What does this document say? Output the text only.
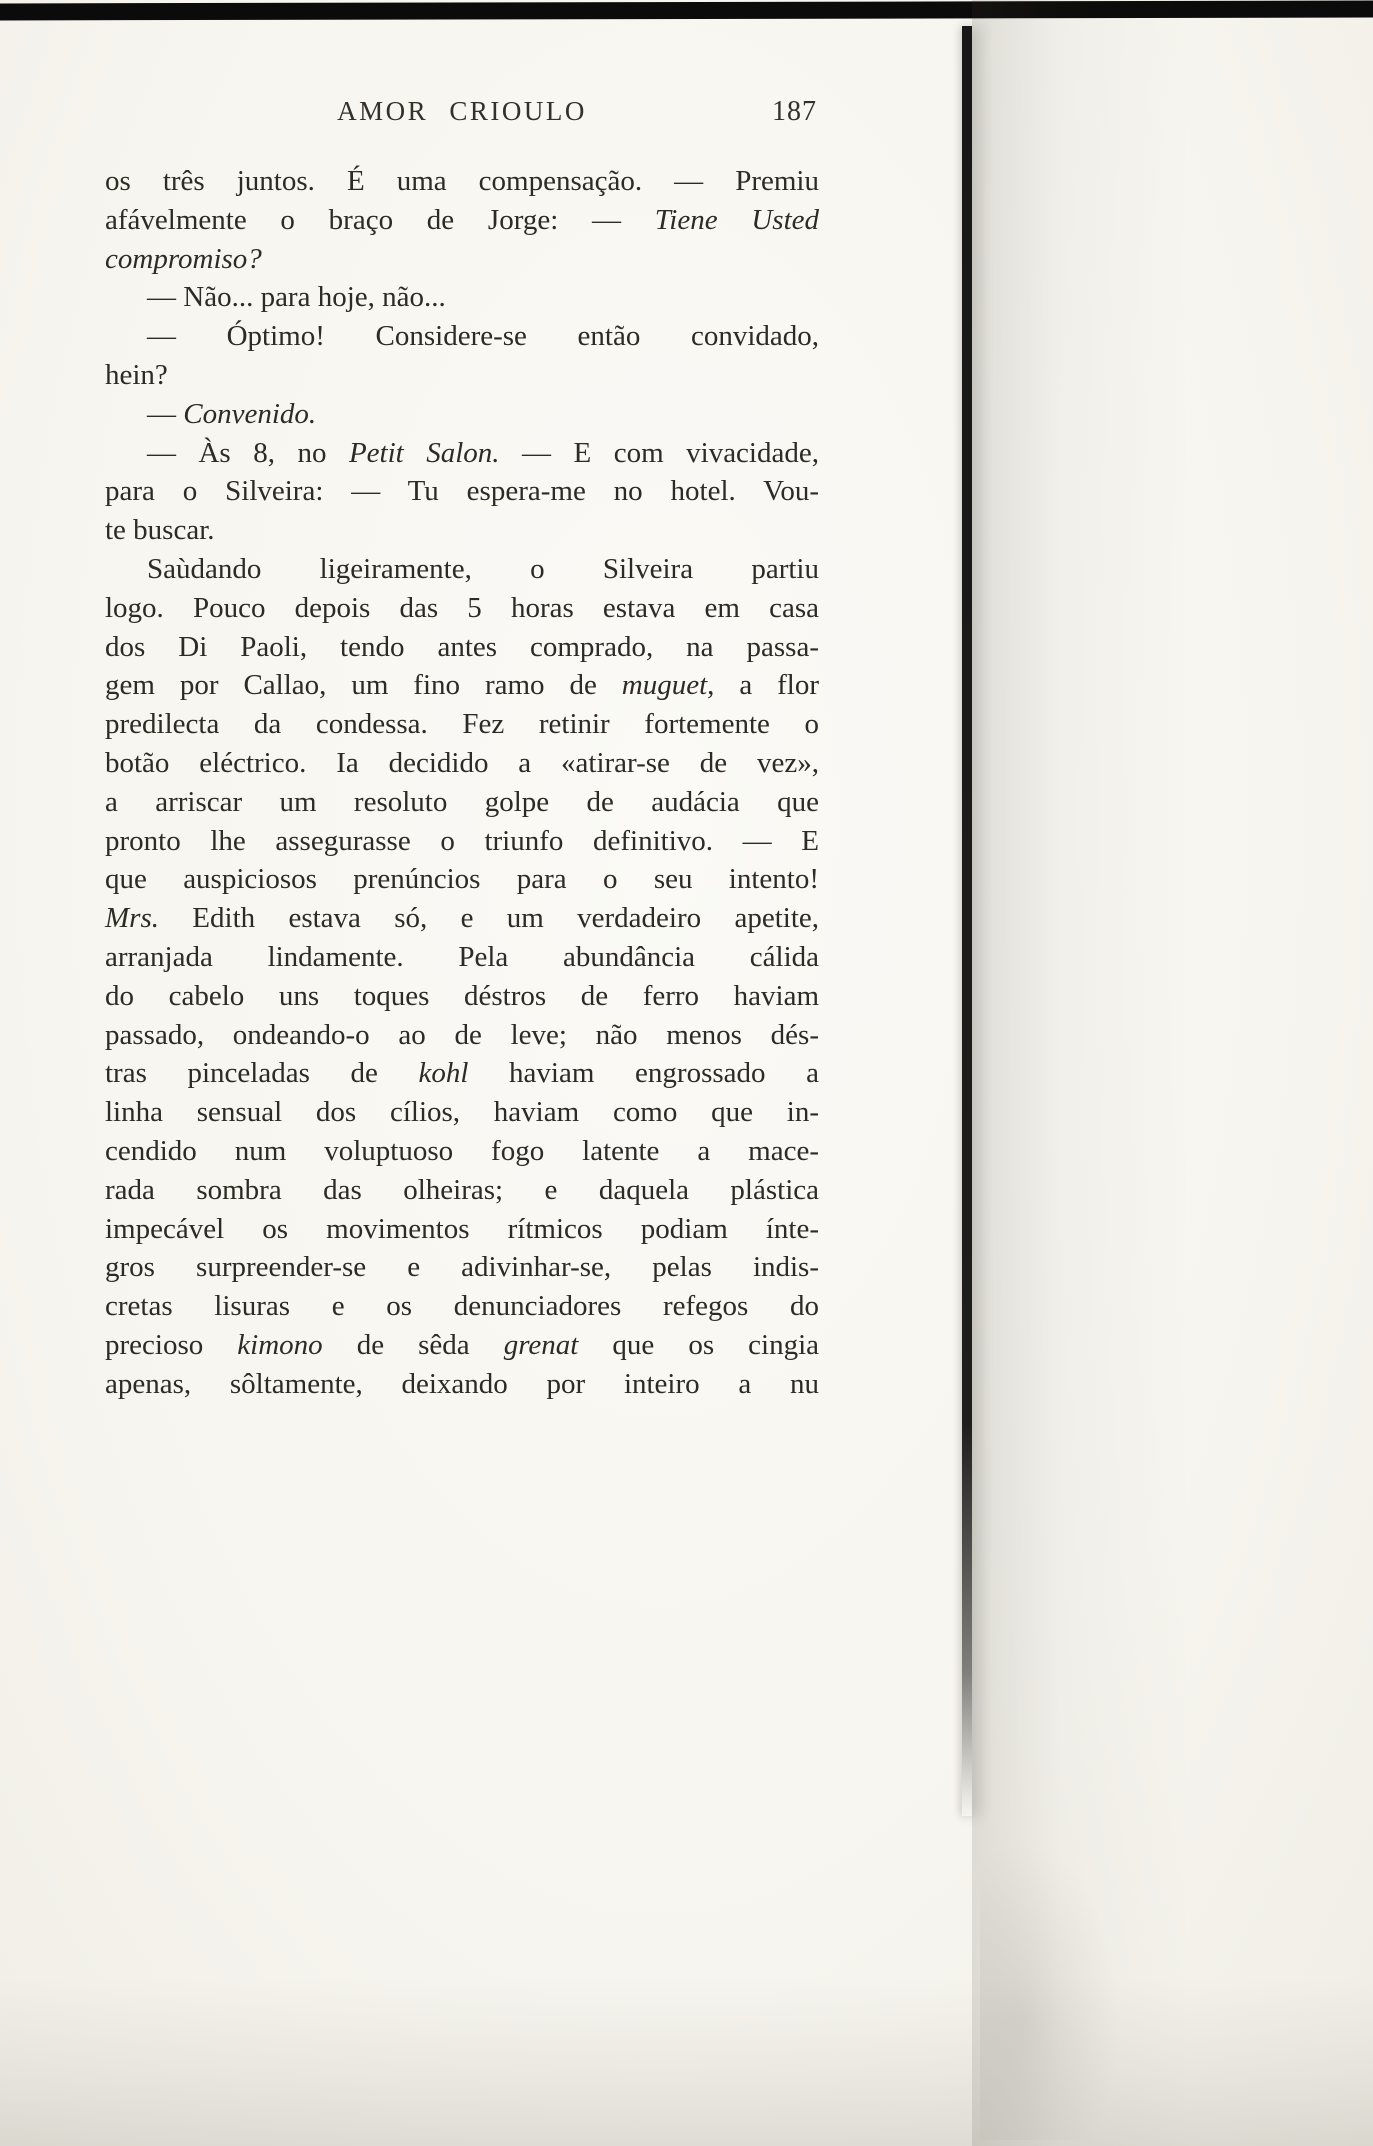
AMOR CRIOULO	187
os três juntos. É uma compensação. — Premiu
afávelmente o braço de Jorge: — Tiene Usted
compromiso?
— Não... para hoje, não...
— Óptimo! Considere-se então convidado,
hein?
— Convenido.
— Às 8, no Petit Salon. — E com vivacidade,
para o Silveira: — Tu espera-me no hotel. Vou-
te buscar.
Saùdando ligeiramente, o Silveira partiu
logo. Pouco depois das 5 horas estava em casa
dos Di Paoli, tendo antes comprado, na passa-
gem por Callao, um fino ramo de muguet, a flor
predilecta da condessa. Fez retinir fortemente o
botão eléctrico. Ia decidido a «atirar-se de vez»,
a arriscar um resoluto golpe de audácia que
pronto lhe assegurasse o triunfo definitivo. — E
que auspiciosos prenúncios para o seu intento!
Mrs. Edith estava só, e um verdadeiro apetite,
arranjada lindamente. Pela abundância cálida
do cabelo uns toques déstros de ferro haviam
passado, ondeando-o ao de leve; não menos dés-
tras pinceladas de kohl haviam engrossado a
linha sensual dos cílios, haviam como que in-
cendido num voluptuoso fogo latente a mace-
rada sombra das olheiras; e daquela plástica
impecável os movimentos rítmicos podiam ínte-
gros surpreender-se e adivinhar-se, pelas indis-
cretas lisuras e os denunciadores refegos do
precioso kimono de sêda grenat que os cingia
apenas, sôltamente, deixando por inteiro a nu
